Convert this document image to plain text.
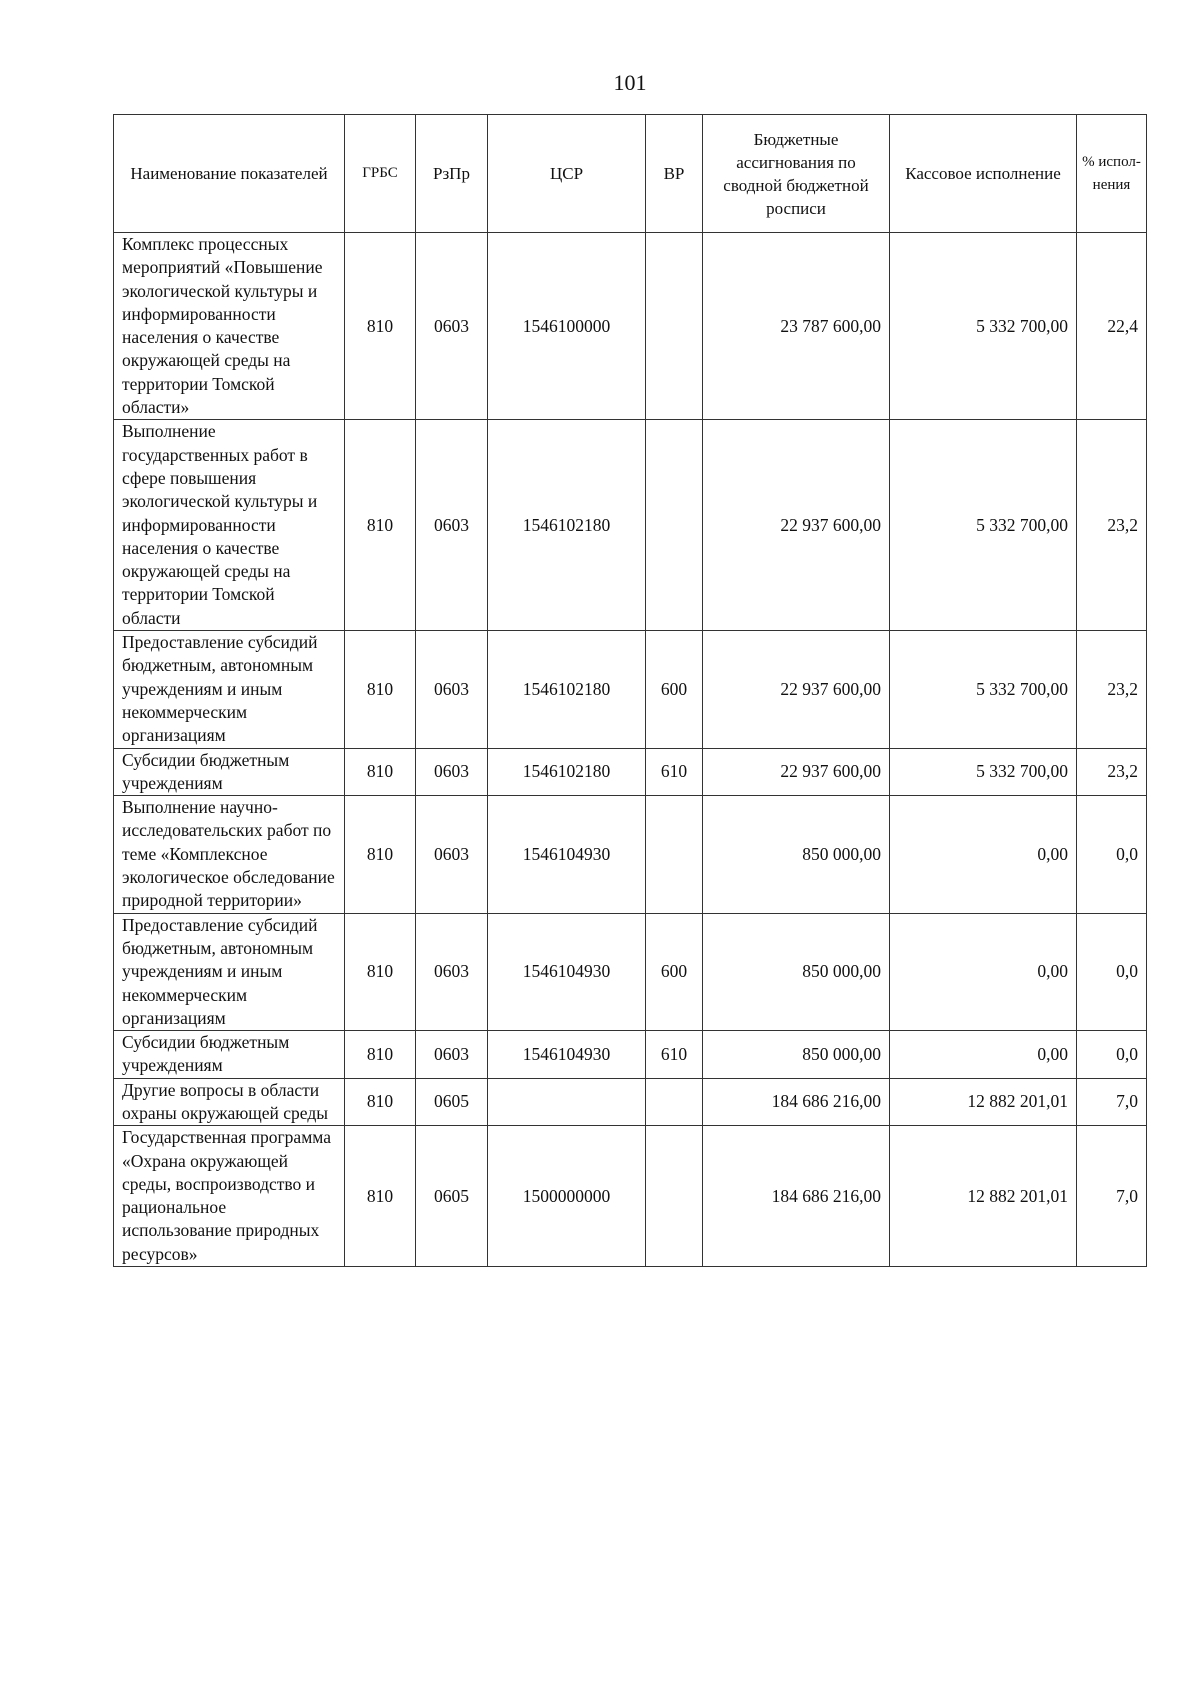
101
Наименование показателей	ГРБС	РзПр	ЦСР	ВР	Бюджетные ассигнования по сводной бюджетной росписи	Кассовое исполнение	% испол-нения
Комплекс процессных мероприятий «Повышение экологической культуры и информированности населения о качестве окружающей среды на территории Томской области»	810	0603	1546100000		23 787 600,00	5 332 700,00	22,4
Выполнение государственных работ в сфере повышения экологической культуры и информированности населения о качестве окружающей среды на территории Томской области	810	0603	1546102180		22 937 600,00	5 332 700,00	23,2
Предоставление субсидий бюджетным, автономным учреждениям и иным некоммерческим организациям	810	0603	1546102180	600	22 937 600,00	5 332 700,00	23,2
Субсидии бюджетным учреждениям	810	0603	1546102180	610	22 937 600,00	5 332 700,00	23,2
Выполнение научно-исследовательских работ по теме «Комплексное экологическое обследование природной территории»	810	0603	1546104930		850 000,00	0,00	0,0
Предоставление субсидий бюджетным, автономным учреждениям и иным некоммерческим организациям	810	0603	1546104930	600	850 000,00	0,00	0,0
Субсидии бюджетным учреждениям	810	0603	1546104930	610	850 000,00	0,00	0,0
Другие вопросы в области охраны окружающей среды	810	0605			184 686 216,00	12 882 201,01	7,0
Государственная программа «Охрана окружающей среды, воспроизводство и рациональное использование природных ресурсов»	810	0605	1500000000		184 686 216,00	12 882 201,01	7,0
